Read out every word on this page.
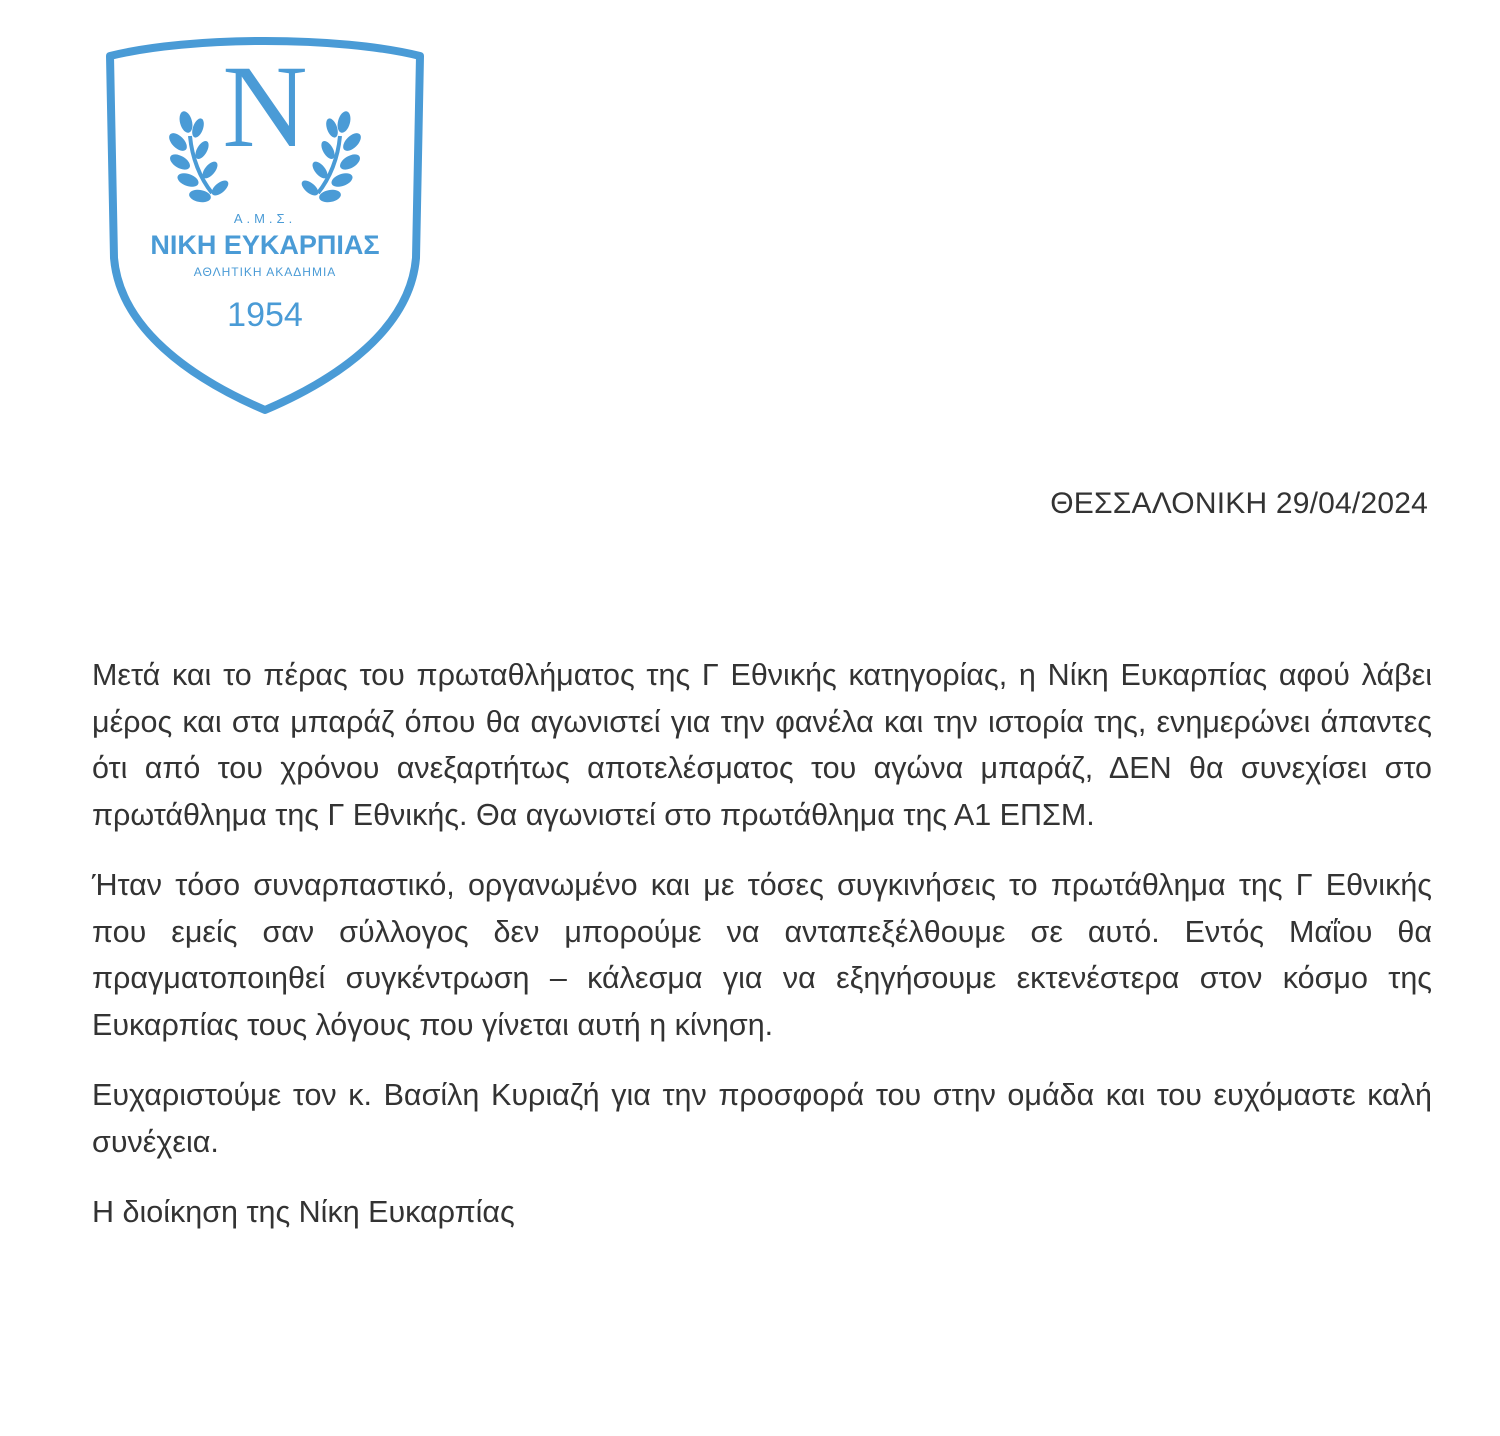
N
Α.Μ.Σ.
ΝΙΚΗ ΕΥΚΑΡΠΙΑΣ
ΑΘΛΗΤΙΚΗ ΑΚΑΔΗΜΙΑ
1954
ΘΕΣΣΑΛΟΝΙΚΗ 29/04/2024

Μετά και το πέρας του πρωταθλήματος της Γ Εθνικής κατηγορίας, η Νίκη Ευκαρπίας αφού λάβει μέρος και στα μπαράζ όπου θα αγωνιστεί για την φανέλα και την ιστορία της, ενημερώνει άπαντες ότι από του χρόνου ανεξαρτήτως αποτελέσματος του αγώνα μπαράζ, ΔΕΝ θα συνεχίσει στο πρωτάθλημα της Γ Εθνικής. Θα αγωνιστεί στο πρωτάθλημα της Α1 ΕΠΣΜ.

Ήταν τόσο συναρπαστικό, οργανωμένο και με τόσες συγκινήσεις το πρωτάθλημα της Γ Εθνικής που εμείς σαν σύλλογος δεν μπορούμε να ανταπεξέλθουμε σε αυτό. Εντός Μαΐου θα πραγματοποιηθεί συγκέντρωση – κάλεσμα για να εξηγήσουμε εκτενέστερα στον κόσμο της Ευκαρπίας τους λόγους που γίνεται αυτή η κίνηση.

Ευχαριστούμε τον κ. Βασίλη Κυριαζή για την προσφορά του στην ομάδα και του ευχόμαστε καλή συνέχεια.

Η διοίκηση της Νίκη Ευκαρπίας
